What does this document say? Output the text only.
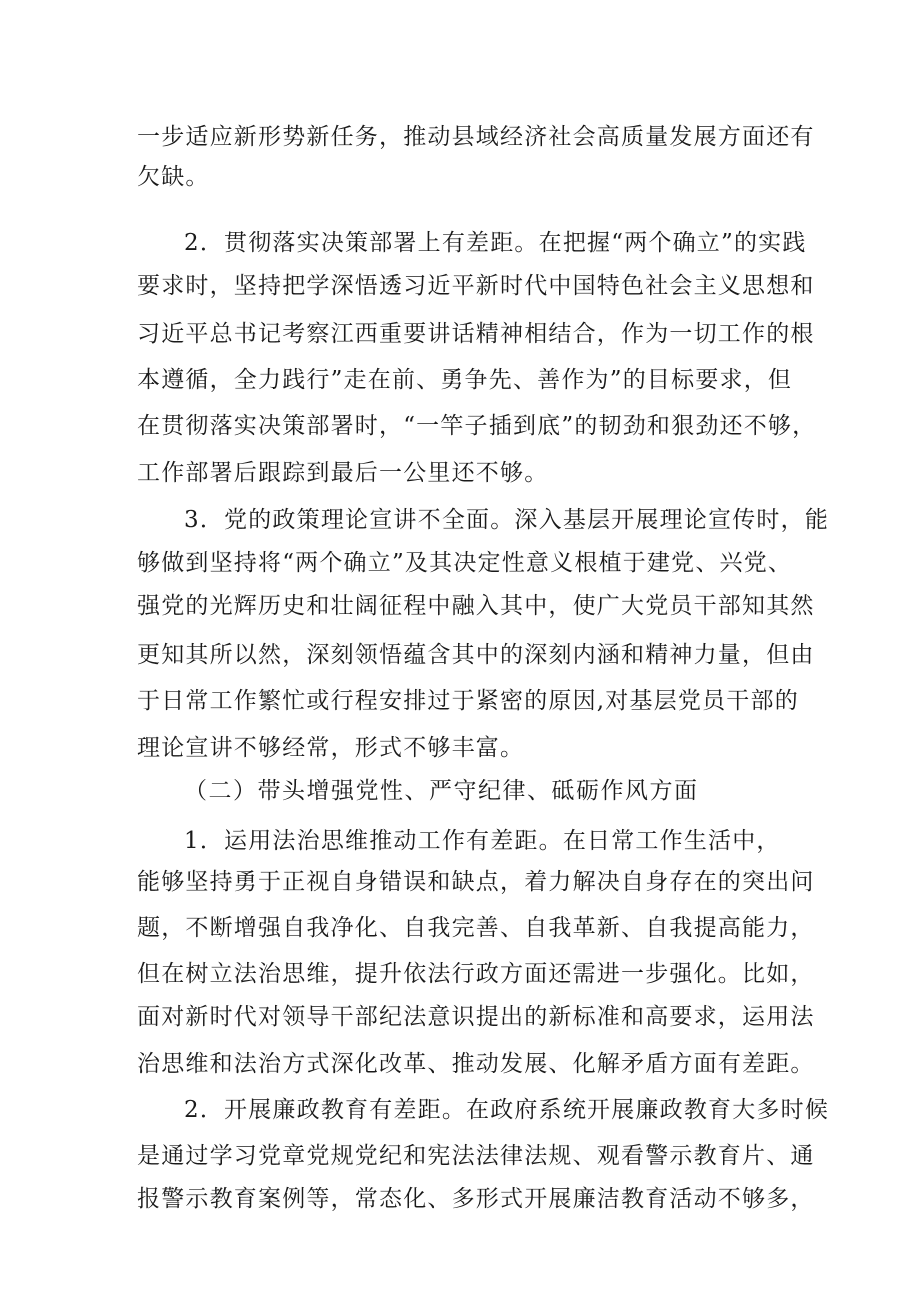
一步适应新形势新任务，推动县域经济社会高质量发展方面还有
欠缺。
2．贯彻落实决策部署上有差距。在把握“两个确立”的实践
要求时，坚持把学深悟透习近平新时代中国特色社会主义思想和
习近平总书记考察江西重要讲话精神相结合，作为一切工作的根
本遵循，全力践行”走在前、勇争先、善作为”的目标要求，但
在贯彻落实决策部署时，“一竿子插到底”的韧劲和狠劲还不够，
工作部署后跟踪到最后一公里还不够。
3．党的政策理论宣讲不全面。深入基层开展理论宣传时，能
够做到坚持将“两个确立”及其决定性意义根植于建党、兴党、
强党的光辉历史和壮阔征程中融入其中，使广大党员干部知其然
更知其所以然，深刻领悟蕴含其中的深刻内涵和精神力量，但由
于日常工作繁忙或行程安排过于紧密的原因,对基层党员干部的
理论宣讲不够经常，形式不够丰富。
（二）带头增强党性、严守纪律、砥砺作风方面
1．运用法治思维推动工作有差距。在日常工作生活中，
能够坚持勇于正视自身错误和缺点，着力解决自身存在的突出问
题，不断增强自我净化、自我完善、自我革新、自我提高能力，
但在树立法治思维，提升依法行政方面还需进一步强化。比如，
面对新时代对领导干部纪法意识提出的新标准和高要求，运用法
治思维和法治方式深化改革、推动发展、化解矛盾方面有差距。
2．开展廉政教育有差距。在政府系统开展廉政教育大多时候
是通过学习党章党规党纪和宪法法律法规、观看警示教育片、通
报警示教育案例等，常态化、多形式开展廉洁教育活动不够多，
